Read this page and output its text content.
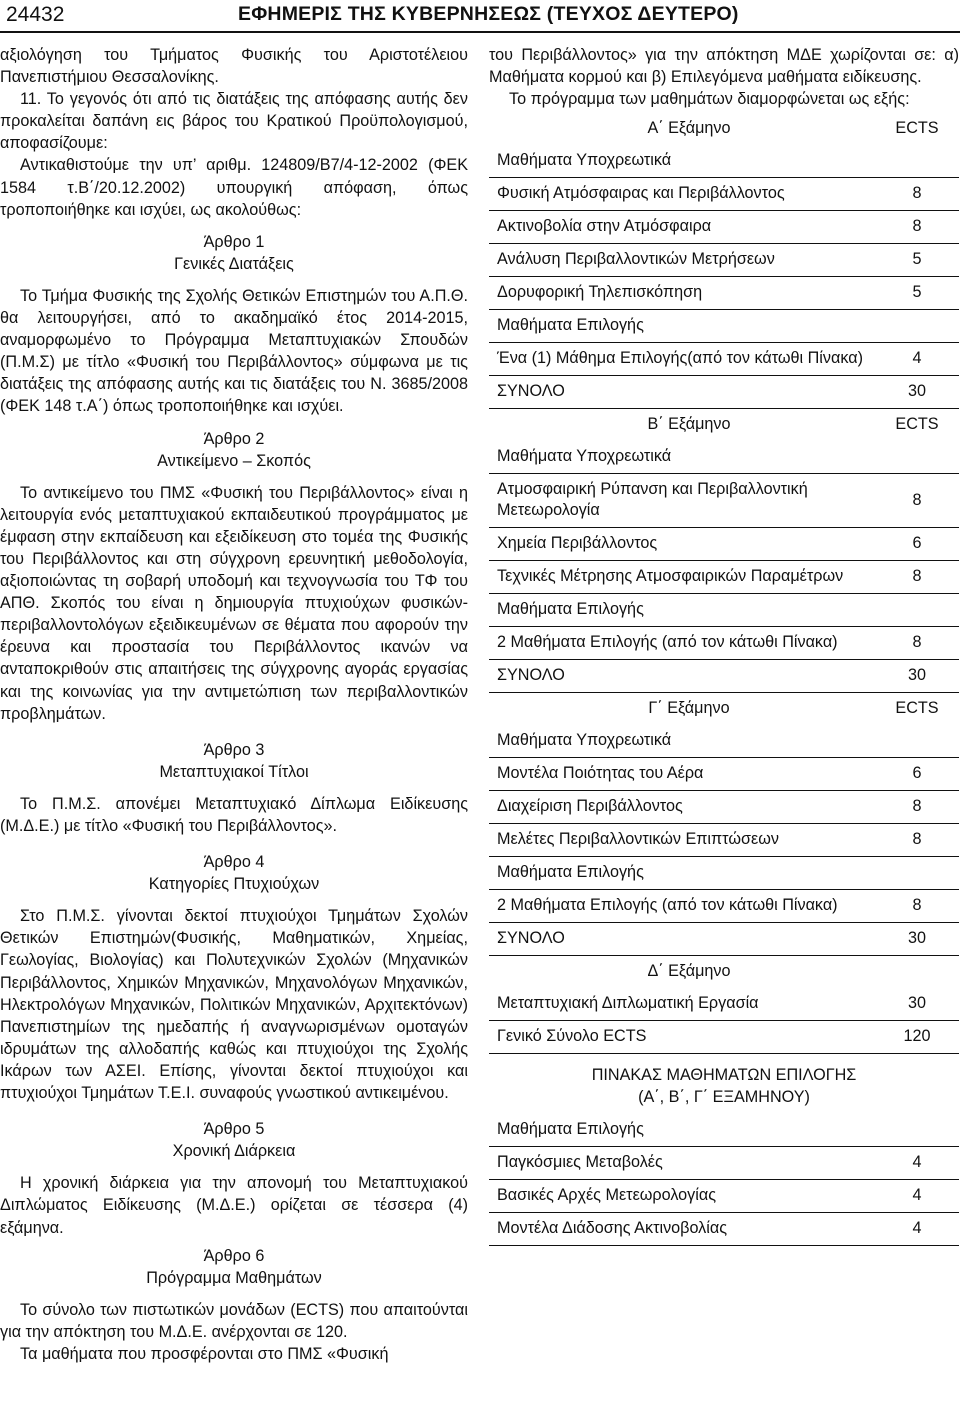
24432	ΕΦΗΜΕΡΙΣ ΤΗΣ ΚΥΒΕΡΝΗΣΕΩΣ (ΤΕΥΧΟΣ ΔΕΥΤΕΡΟ)

αξιολόγηση του Τμήματος Φυσικής του Αριστοτέλειου Πανεπιστήμιου Θεσσαλονίκης.

11. Το γεγονός ότι από τις διατάξεις της απόφασης αυτής δεν προκαλείται δαπάνη εις βάρος του Κρατικού Προϋπολογισμού, αποφασίζουμε:

Αντικαθιστούμε την υπ’ αριθμ. 124809/Β7/4-12-2002 (ΦΕΚ 1584 τ.Β΄/20.12.2002) υπουργική απόφαση, όπως τροποποιήθηκε και ισχύει, ως ακολούθως:

Άρθρο 1

Γενικές Διατάξεις

Το Τμήμα Φυσικής της Σχολής Θετικών Επιστημών του Α.Π.Θ. θα λειτουργήσει, από το ακαδημαϊκό έτος 2014-2015, αναμορφωμένο το Πρόγραμμα Μεταπτυχιακών Σπουδών (Π.Μ.Σ) με τίτλο «Φυσική του Περιβάλλοντος» σύμφωνα με τις διατάξεις της απόφασης αυτής και τις διατάξεις του Ν. 3685/2008 (ΦΕΚ 148 τ.Α΄) όπως τροποποιήθηκε και ισχύει.

Άρθρο 2

Αντικείμενο – Σκοπός

Το αντικείμενο του ΠΜΣ «Φυσική του Περιβάλλοντος» είναι η λειτουργία ενός μεταπτυχιακού εκπαιδευτικού προγράμματος με έμφαση στην εκπαίδευση και εξειδίκευση στο τομέα της Φυσικής του Περιβάλλοντος και στη σύγχρονη ερευνητική μεθοδολογία, αξιοποιώντας τη σοβαρή υποδομή και τεχνογνωσία του ΤΦ του ΑΠΘ. Σκοπός του είναι η δημιουργία πτυχιούχων φυσικών-περιβαλλοντολόγων εξειδικευμένων σε θέματα που αφορούν την έρευνα και προστασία του Περιβάλλοντος ικανών να ανταποκριθούν στις απαιτήσεις της σύγχρονης αγοράς εργασίας και της κοινωνίας για την αντιμετώπιση των περιβαλλοντικών προβλημάτων.

Άρθρο 3

Μεταπτυχιακοί Τίτλοι

Το Π.Μ.Σ. απονέμει Μεταπτυχιακό Δίπλωμα Ειδίκευσης (Μ.Δ.Ε.) με τίτλο «Φυσική του Περιβάλλοντος».

Άρθρο 4

Κατηγορίες Πτυχιούχων

Στο Π.Μ.Σ. γίνονται δεκτοί πτυχιούχοι Τμημάτων Σχολών Θετικών Επιστημών(Φυσικής, Μαθηματικών, Χημείας, Γεωλογίας, Βιολογίας) και Πολυτεχνικών Σχολών (Μηχανικών Περιβάλλοντος, Χημικών Μηχανικών, Μηχανολόγων Μηχανικών, Ηλεκτρολόγων Μηχανικών, Πολιτικών Μηχανικών, Αρχιτεκτόνων) Πανεπιστημίων της ημεδαπής ή αναγνωρισμένων ομοταγών ιδρυμάτων της αλλοδαπής καθώς και πτυχιούχοι της Σχολής Ικάρων των ΑΣΕΙ. Επίσης, γίνονται δεκτοί πτυχιούχοι και πτυχιούχοι Τμημάτων Τ.Ε.Ι. συναφούς γνωστικού αντικειμένου.

Άρθρο 5

Χρονική Διάρκεια

Η χρονική διάρκεια για την απονομή του Μεταπτυχιακού Διπλώματος Ειδίκευσης (Μ.Δ.Ε.) ορίζεται σε τέσσερα (4) εξάμηνα.

Άρθρο 6

Πρόγραμμα Μαθημάτων

Το σύνολο των πιστωτικών μονάδων (ECTS) που απαιτούνται για την απόκτηση του Μ.Δ.Ε. ανέρχονται σε 120.

Τα μαθήματα που προσφέρονται στο ΠΜΣ «Φυσική

του Περιβάλλοντος» για την απόκτηση ΜΔΕ χωρίζονται σε: α) Μαθήματα κορμού και β) Επιλεγόμενα μαθήματα ειδίκευσης.

Το πρόγραμμα των μαθημάτων διαμορφώνεται ως εξής:

Α΄ Εξάμηνο	ECTS
Μαθήματα Υποχρεωτικά	
Φυσική Ατμόσφαιρας και Περιβάλλοντος	8
Ακτινοβολία στην Ατμόσφαιρα	8
Ανάλυση Περιβαλλοντικών Μετρήσεων	5
Δορυφορική Τηλεπισκόπηση	5
Μαθήματα Επιλογής	
Ένα (1) Μάθημα Επιλογής(από τον κάτωθι Πίνακα)	4
ΣΥΝΟΛΟ	30
Β΄ Εξάμηνο	ECTS
Μαθήματα Υποχρεωτικά	
Ατμοσφαιρική Ρύπανση και Περιβαλλοντική Μετεωρολογία	8
Χημεία Περιβάλλοντος	6
Τεχνικές Μέτρησης Ατμοσφαιρικών Παραμέτρων	8
Μαθήματα Επιλογής	
2 Μαθήματα Επιλογής (από τον κάτωθι Πίνακα)	8
ΣΥΝΟΛΟ	30
Γ΄ Εξάμηνο	ECTS
Μαθήματα Υποχρεωτικά	
Μοντέλα Ποιότητας του Αέρα	6
Διαχείριση Περιβάλλοντος	8
Μελέτες Περιβαλλοντικών Επιπτώσεων	8
Μαθήματα Επιλογής	
2 Μαθήματα Επιλογής (από τον κάτωθι Πίνακα)	8
ΣΥΝΟΛΟ	30
Δ΄ Εξάμηνο	
Μεταπτυχιακή Διπλωματική Εργασία	30
Γενικό Σύνολο ECTS	120
ΠΙΝΑΚΑΣ ΜΑΘΗΜΑΤΩΝ ΕΠΙΛΟΓΗΣ
(Α΄, Β΄, Γ΄ ΕΞΑΜΗΝΟΥ)
Μαθήματα Επιλογής	
Παγκόσμιες Μεταβολές	4
Βασικές Αρχές Μετεωρολογίας	4
Μοντέλα Διάδοσης Ακτινοβολίας	4
